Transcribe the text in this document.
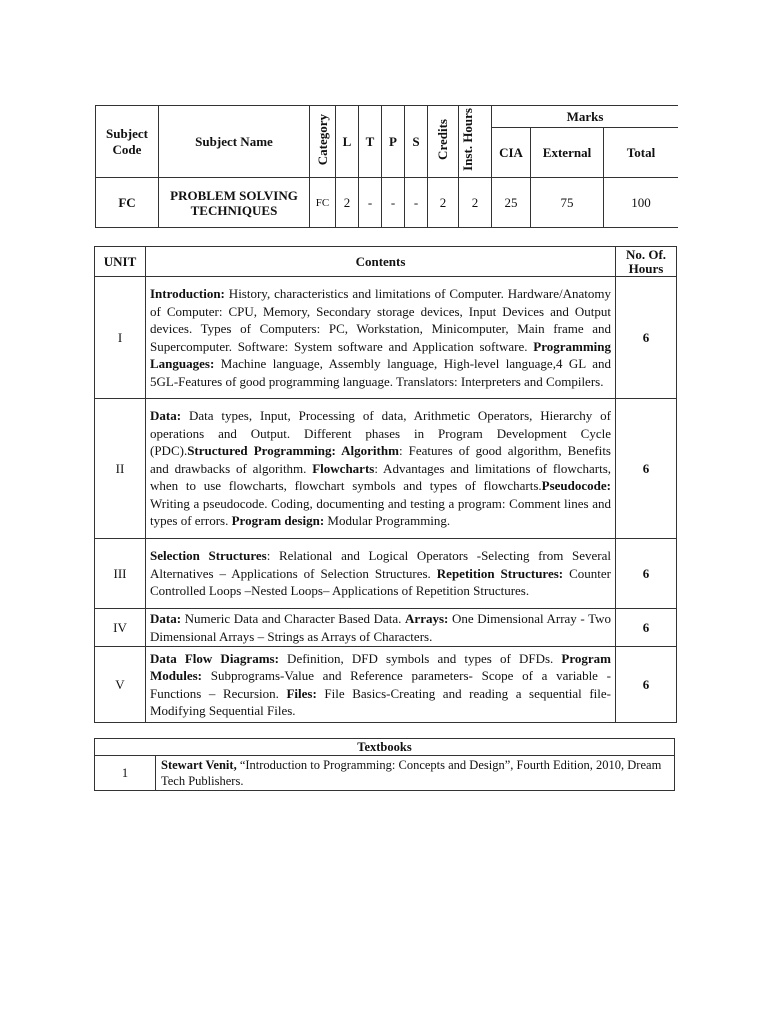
Subject Code	Subject Name	Category	L	T	P	S	Credits	Inst. Hours	Marks		
									CIA	External	Total
FC	PROBLEM SOLVING TECHNIQUES	FC	2	-	-	-	2	2	25	75	100
UNIT	Contents	No. Of. Hours
I	Introduction: History, characteristics and limitations of Computer. Hardware/Anatomy of Computer: CPU, Memory, Secondary storage devices, Input Devices and Output devices. Types of Computers: PC, Workstation, Minicomputer, Main frame and Supercomputer. Software: System software and Application software. Programming Languages: Machine language, Assembly language, High-level language,4 GL and 5GL-Features of good programming language. Translators: Interpreters and Compilers.	6
II	Data: Data types, Input, Processing of data, Arithmetic Operators, Hierarchy of operations and Output. Different phases in Program Development Cycle (PDC).Structured Programming: Algorithm: Features of good algorithm, Benefits and drawbacks of algorithm. Flowcharts: Advantages and limitations of flowcharts, when to use flowcharts, flowchart symbols and types of flowcharts.Pseudocode: Writing a pseudocode. Coding, documenting and testing a program: Comment lines and types of errors. Program design: Modular Programming.	6
III	Selection Structures: Relational and Logical Operators -Selecting from Several Alternatives – Applications of Selection Structures. Repetition Structures: Counter Controlled Loops –Nested Loops– Applications of Repetition Structures.	6
IV	Data: Numeric Data and Character Based Data. Arrays: One Dimensional Array - Two Dimensional Arrays – Strings as Arrays of Characters.	6
V	Data Flow Diagrams: Definition, DFD symbols and types of DFDs. Program Modules: Subprograms-Value and Reference parameters- Scope of a variable - Functions – Recursion. Files: File Basics-Creating and reading a sequential file- Modifying Sequential Files.	6
Textbooks
1	Stewart Venit, “Introduction to Programming: Concepts and Design”, Fourth Edition, 2010, Dream Tech Publishers.
